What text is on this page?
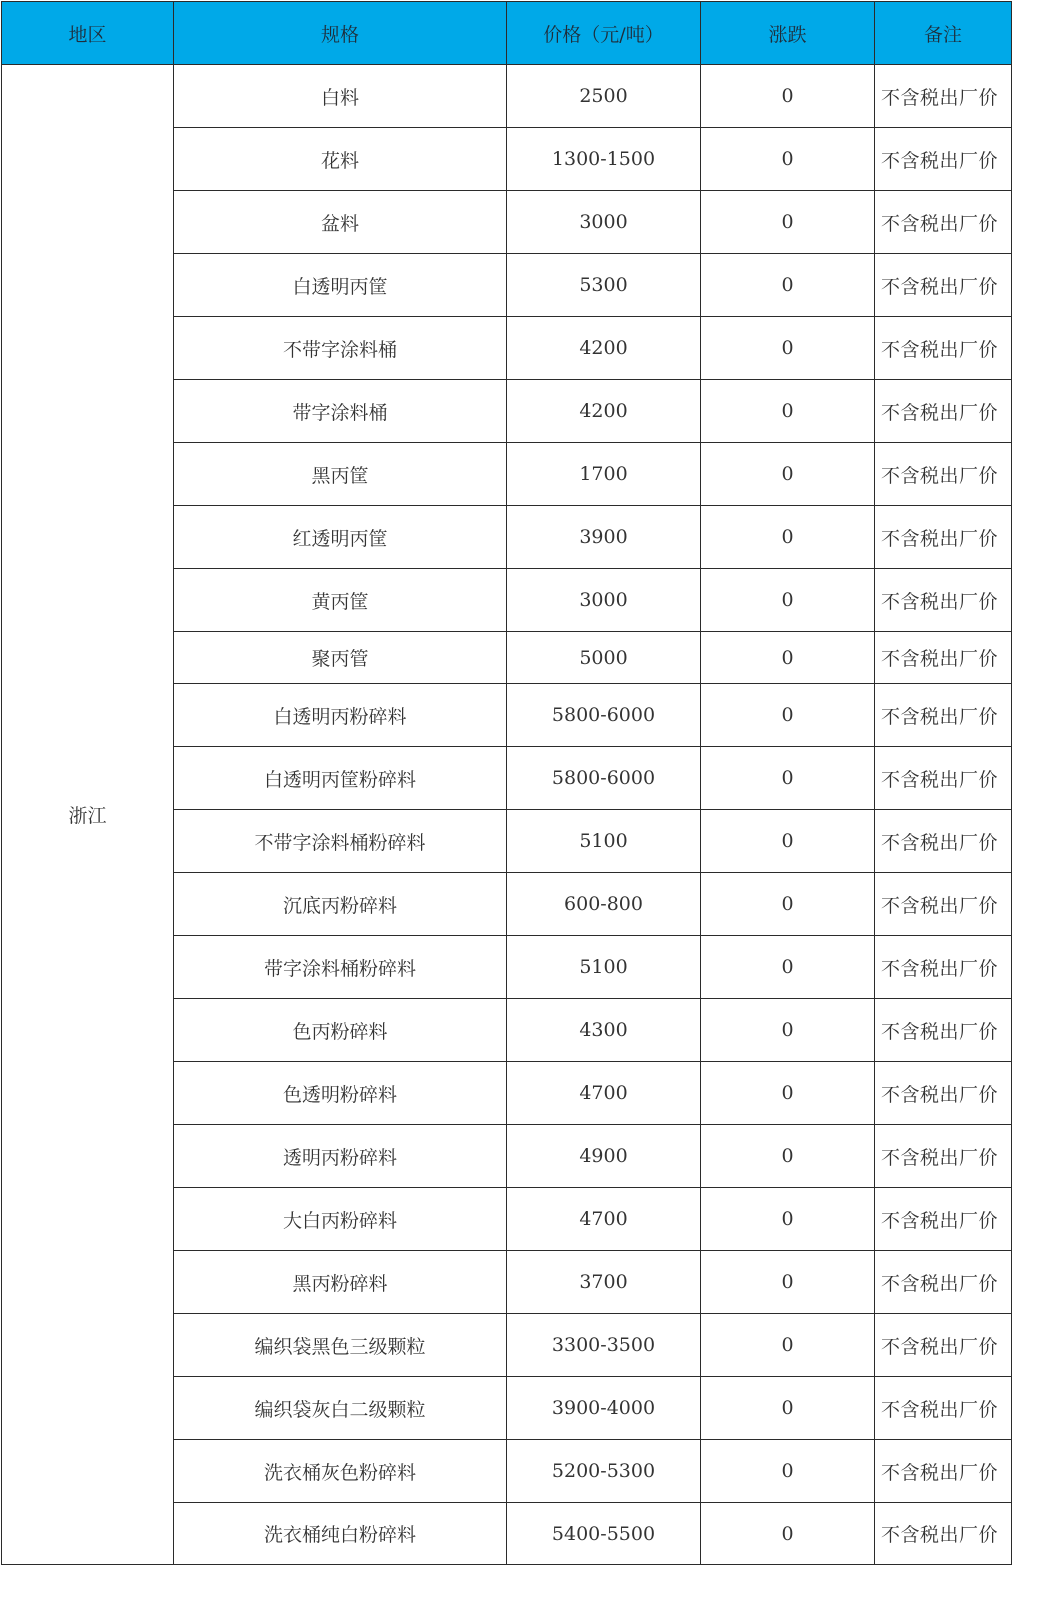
地区	规格	价格（元/吨）	涨跌	备注
浙江	白料	2500	0	不含税出厂价
	花料	1300-1500	0	不含税出厂价
	盆料	3000	0	不含税出厂价
	白透明丙筐	5300	0	不含税出厂价
	不带字涂料桶	4200	0	不含税出厂价
	带字涂料桶	4200	0	不含税出厂价
	黑丙筐	1700	0	不含税出厂价
	红透明丙筐	3900	0	不含税出厂价
	黄丙筐	3000	0	不含税出厂价
	聚丙管	5000	0	不含税出厂价
	白透明丙粉碎料	5800-6000	0	不含税出厂价
	白透明丙筐粉碎料	5800-6000	0	不含税出厂价
	不带字涂料桶粉碎料	5100	0	不含税出厂价
	沉底丙粉碎料	600-800	0	不含税出厂价
	带字涂料桶粉碎料	5100	0	不含税出厂价
	色丙粉碎料	4300	0	不含税出厂价
	色透明粉碎料	4700	0	不含税出厂价
	透明丙粉碎料	4900	0	不含税出厂价
	大白丙粉碎料	4700	0	不含税出厂价
	黑丙粉碎料	3700	0	不含税出厂价
	编织袋黑色三级颗粒	3300-3500	0	不含税出厂价
	编织袋灰白二级颗粒	3900-4000	0	不含税出厂价
	洗衣桶灰色粉碎料	5200-5300	0	不含税出厂价
	洗衣桶纯白粉碎料	5400-5500	0	不含税出厂价
